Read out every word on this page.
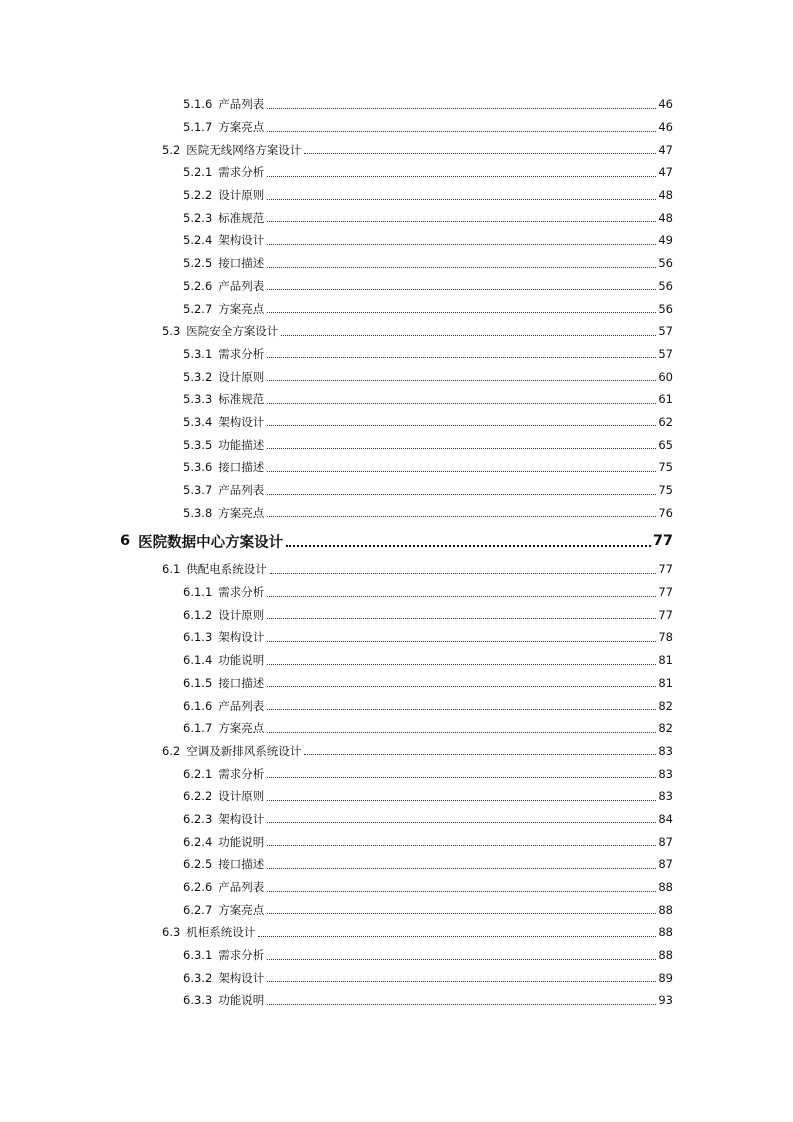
5.1.6 产品列表	46
5.1.7 方案亮点	46
5.2 医院无线网络方案设计	47
5.2.1 需求分析	47
5.2.2 设计原则	48
5.2.3 标准规范	48
5.2.4 架构设计	49
5.2.5 接口描述	56
5.2.6 产品列表	56
5.2.7 方案亮点	56
5.3 医院安全方案设计	57
5.3.1 需求分析	57
5.3.2 设计原则	60
5.3.3 标准规范	61
5.3.4 架构设计	62
5.3.5 功能描述	65
5.3.6 接口描述	75
5.3.7 产品列表	75
5.3.8 方案亮点	76
6 医院数据中心方案设计	77
6.1 供配电系统设计	77
6.1.1 需求分析	77
6.1.2 设计原则	77
6.1.3 架构设计	78
6.1.4 功能说明	81
6.1.5 接口描述	81
6.1.6 产品列表	82
6.1.7 方案亮点	82
6.2 空调及新排风系统设计	83
6.2.1 需求分析	83
6.2.2 设计原则	83
6.2.3 架构设计	84
6.2.4 功能说明	87
6.2.5 接口描述	87
6.2.6 产品列表	88
6.2.7 方案亮点	88
6.3 机柜系统设计	88
6.3.1 需求分析	88
6.3.2 架构设计	89
6.3.3 功能说明	93
